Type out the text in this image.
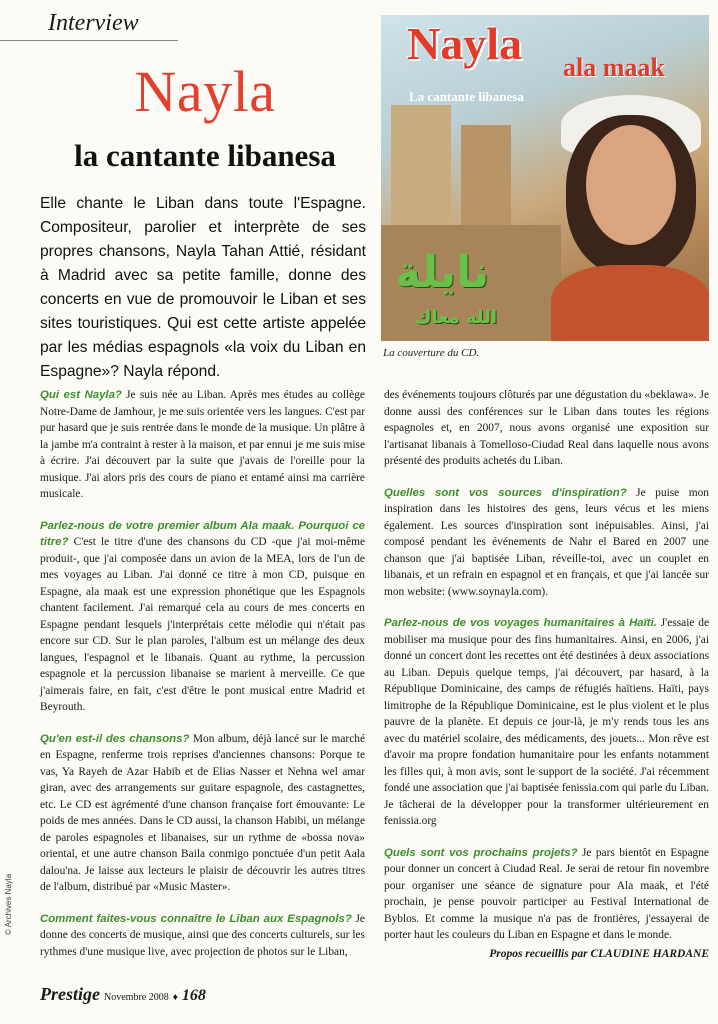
Interview
Nayla
la cantante libanesa
Elle chante le Liban dans toute l'Espagne. Compositeur, parolier et interprète de ses propres chansons, Nayla Tahan Attié, résidant à Madrid avec sa petite famille, donne des concerts en vue de promouvoir le Liban et ses sites touristiques. Qui est cette artiste appelée par les médias espagnols «la voix du Liban en Espagne»? Nayla répond.
Nayla ala maak
La cantante libanesa
نايلة
الله معاك
La couverture du CD.
© Archives Nayla

Qui est Nayla? Je suis née au Liban. Après mes études au collège Notre-Dame de Jamhour, je me suis orientée vers les langues. C'est par pur hasard que je suis rentrée dans le monde de la musique. Un plâtre à la jambe m'a contraint à rester à la maison, et par ennui je me suis mise à écrire. J'ai découvert par la suite que j'avais de l'oreille pour la musique. J'ai alors pris des cours de piano et entamé ainsi ma carrière musicale.

Parlez-nous de votre premier album Ala maak. Pourquoi ce titre? C'est le titre d'une des chansons du CD -que j'ai moi-même produit-, que j'ai composée dans un avion de la MEA, lors de l'un de mes voyages au Liban. J'ai donné ce titre à mon CD, puisque en Espagne, ala maak est une expression phonétique que les Espagnols chantent facilement. J'ai remarqué cela au cours de mes concerts en Espagne pendant lesquels j'interprétais cette mélodie qui n'était pas encore sur CD. Sur le plan paroles, l'album est un mélange des deux langues, l'espagnol et le libanais. Quant au rythme, la percussion espagnole et la percussion libanaise se marient à merveille. Ce que j'aimerais faire, en fait, c'est d'être le pont musical entre Madrid et Beyrouth.

Qu'en est-il des chansons? Mon album, déjà lancé sur le marché en Espagne, renferme trois reprises d'anciennes chansons: Porque te vas, Ya Rayeh de Azar Habib et de Elias Nasser et Nehna wel amar giran, avec des arrangements sur guitare espagnole, des castagnettes, etc. Le CD est agrémenté d'une chanson française fort émouvante: Le poids de mes années. Dans le CD aussi, la chanson Habibi, un mélange de paroles espagnoles et libanaises, sur un rythme de «bossa nova» oriental, et une autre chanson Baila conmigo ponctuée d'un petit Aala dalou'na. Je laisse aux lecteurs le plaisir de découvrir les autres titres de l'album, distribué par «Music Master».

Comment faites-vous connaître le Liban aux Espagnols? Je donne des concerts de musique, ainsi que des concerts culturels, sur les rythmes d'une musique live, avec projection de photos sur le Liban,

des événements toujours clôturés par une dégustation du «beklawa». Je donne aussi des conférences sur le Liban dans toutes les régions espagnoles et, en 2007, nous avons organisé une exposition sur l'artisanat libanais à Tomelloso-Ciudad Real dans laquelle nous avons présenté des produits achetés du Liban.

Quelles sont vos sources d'inspiration? Je puise mon inspiration dans les histoires des gens, leurs vécus et les miens également. Les sources d'inspiration sont inépuisables. Ainsi, j'ai composé pendant les événements de Nahr el Bared en 2007 une chanson que j'ai baptisée Liban, réveille-toi, avec un couplet en libanais, et un refrain en espagnol et en français, et que j'ai lancée sur mon website: (www.soynayla.com).

Parlez-nous de vos voyages humanitaires à Haïti. J'essaie de mobiliser ma musique pour des fins humanitaires. Ainsi, en 2006, j'ai donné un concert dont les recettes ont été destinées à deux associations au Liban. Depuis quelque temps, j'ai découvert, par hasard, à la République Dominicaine, des camps de réfugiés haïtiens. Haïti, pays limitrophe de la République Dominicaine, est le plus violent et le plus pauvre de la planète. Et depuis ce jour-là, je m'y rends tous les ans avec du matériel scolaire, des médicaments, des jouets... Mon rêve est d'avoir ma propre fondation humanitaire pour les enfants notamment les filles qui, à mon avis, sont le support de la société. J'ai récemment fondé une association que j'ai baptisée fenissia.com qui parle du Liban. Je tâcherai de la développer pour la transformer ultérieurement en fenissia.org

Quels sont vos prochains projets? Je pars bientôt en Espagne pour donner un concert à Ciudad Real. Je serai de retour fin novembre pour organiser une séance de signature pour Ala maak, et l'été prochain, je pense pouvoir participer au Festival International de Byblos. Et comme la musique n'a pas de frontières, j'essayerai de porter haut les couleurs du Liban en Espagne et dans le monde.

Propos recueillis par CLAUDINE HARDANE
Prestige Novembre 2008 ♦ 168
